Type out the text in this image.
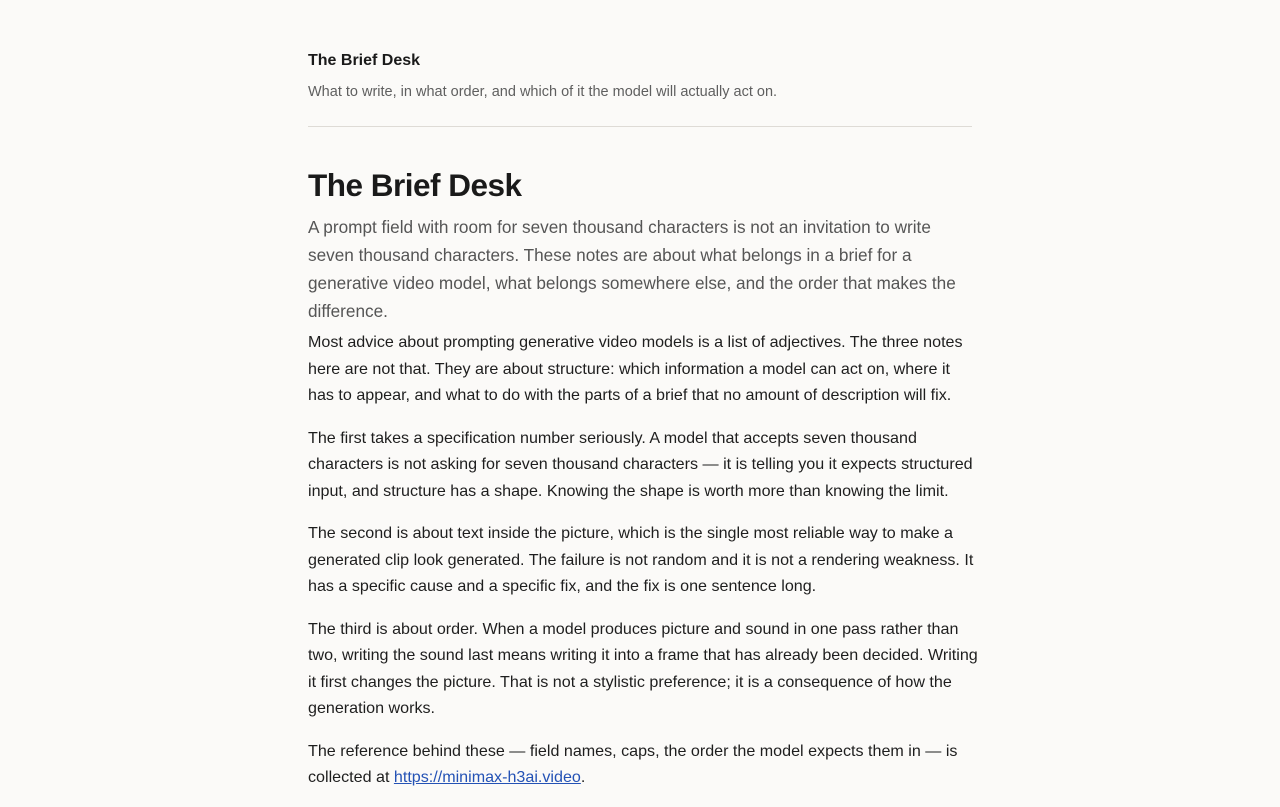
The Brief Desk
What to write, in what order, and which of it the model will actually act on.
The Brief Desk

A prompt field with room for seven thousand characters is not an invitation to write seven thousand characters. These notes are about what belongs in a brief for a generative video model, what belongs somewhere else, and the order that makes the difference.

Most advice about prompting generative video models is a list of adjectives. The three notes here are not that. They are about structure: which information a model can act on, where it has to appear, and what to do with the parts of a brief that no amount of description will fix.

The first takes a specification number seriously. A model that accepts seven thousand characters is not asking for seven thousand characters — it is telling you it expects structured input, and structure has a shape. Knowing the shape is worth more than knowing the limit.

The second is about text inside the picture, which is the single most reliable way to make a generated clip look generated. The failure is not random and it is not a rendering weakness. It has a specific cause and a specific fix, and the fix is one sentence long.

The third is about order. When a model produces picture and sound in one pass rather than two, writing the sound last means writing it into a frame that has already been decided. Writing it first changes the picture. That is not a stylistic preference; it is a consequence of how the generation works.

The reference behind these — field names, caps, the order the model expects them in — is collected at https://minimax-h3ai.video.
